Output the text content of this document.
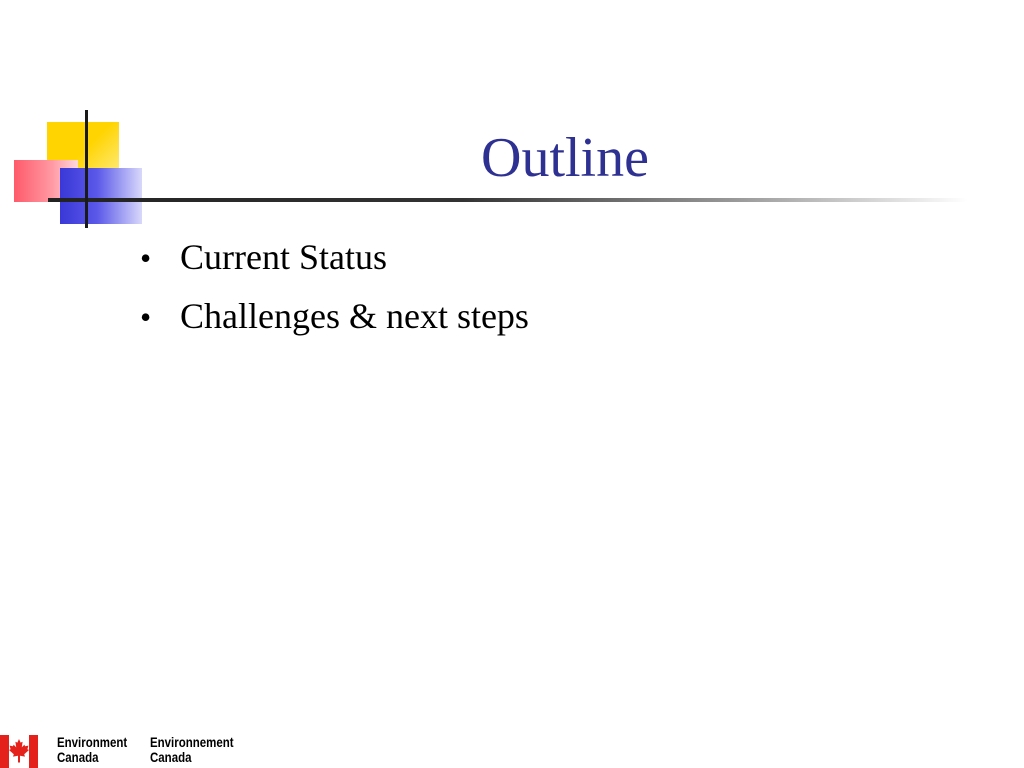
Outline
• Current Status
• Challenges & next steps
Environment
Canada
Environnement
Canada
